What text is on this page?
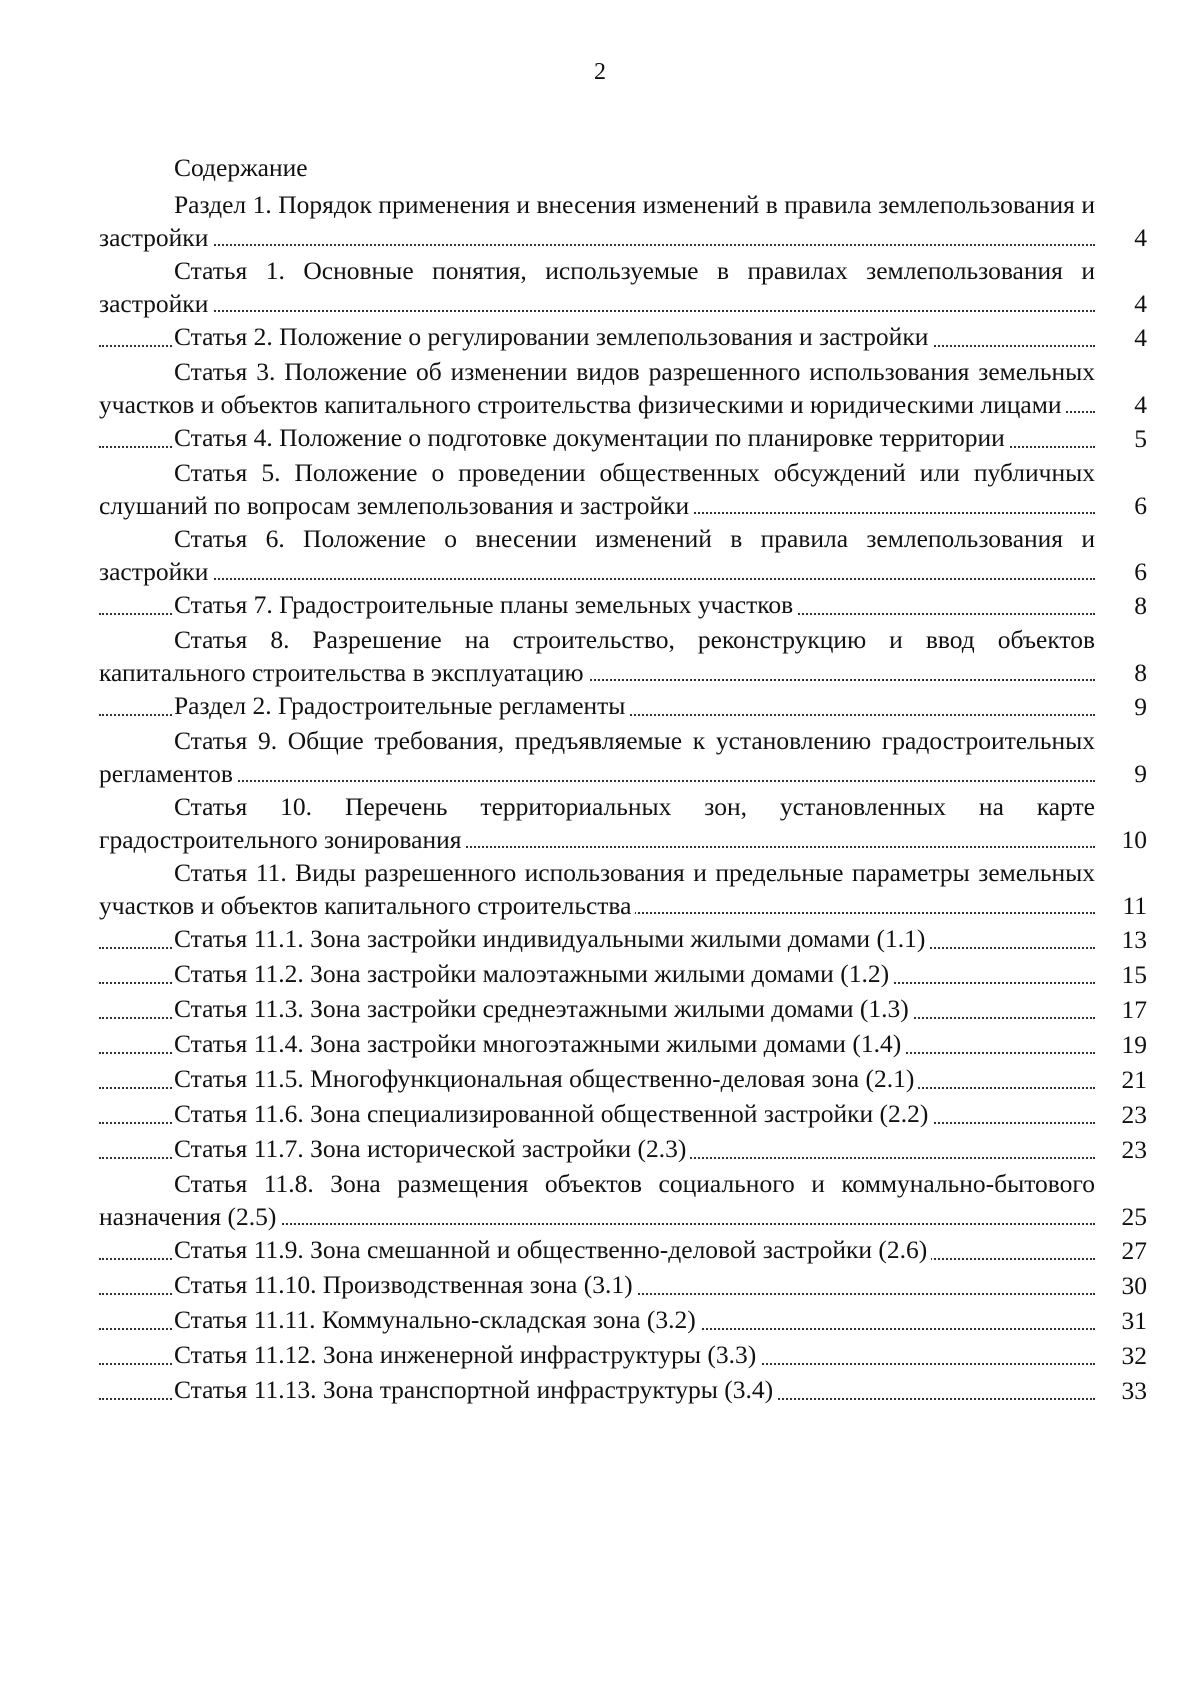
2
Содержание
Раздел 1. Порядок применения и внесения изменений в правила землепользования и застройки	4
Статья 1. Основные понятия, используемые в правилах землепользования и застройки	4
Статья 2. Положение о регулировании землепользования и застройки	4
Статья 3. Положение об изменении видов разрешенного использования земельных участков и объектов капитального строительства физическими и юридическими лицами	4
Статья 4. Положение о подготовке документации по планировке территории	5
Статья 5. Положение о проведении общественных обсуждений или публичных слушаний по вопросам землепользования и застройки	6
Статья 6. Положение о внесении изменений в правила землепользования и застройки	6
Статья 7. Градостроительные планы земельных участков	8
Статья 8. Разрешение на строительство, реконструкцию и ввод объектов капитального строительства в эксплуатацию	8
Раздел 2. Градостроительные регламенты	9
Статья 9. Общие требования, предъявляемые к установлению градостроительных регламентов	9
Статья 10. Перечень территориальных зон, установленных на карте градостроительного зонирования	10
Статья 11. Виды разрешенного использования и предельные параметры земельных участков и объектов капитального строительства	11
Статья 11.1. Зона застройки индивидуальными жилыми домами (1.1)	13
Статья 11.2. Зона застройки малоэтажными жилыми домами (1.2)	15
Статья 11.3. Зона застройки среднеэтажными жилыми домами (1.3)	17
Статья 11.4. Зона застройки многоэтажными жилыми домами (1.4)	19
Статья 11.5. Многофункциональная общественно-деловая зона (2.1)	21
Статья 11.6. Зона специализированной общественной застройки (2.2)	23
Статья 11.7. Зона исторической застройки (2.3)	23
Статья 11.8. Зона размещения объектов социального и коммунально-бытового назначения (2.5)	25
Статья 11.9. Зона смешанной и общественно-деловой застройки (2.6)	27
Статья 11.10. Производственная зона (3.1)	30
Статья 11.11. Коммунально-складская зона (3.2)	31
Статья 11.12. Зона инженерной инфраструктуры (3.3)	32
Статья 11.13. Зона транспортной инфраструктуры (3.4)	33
